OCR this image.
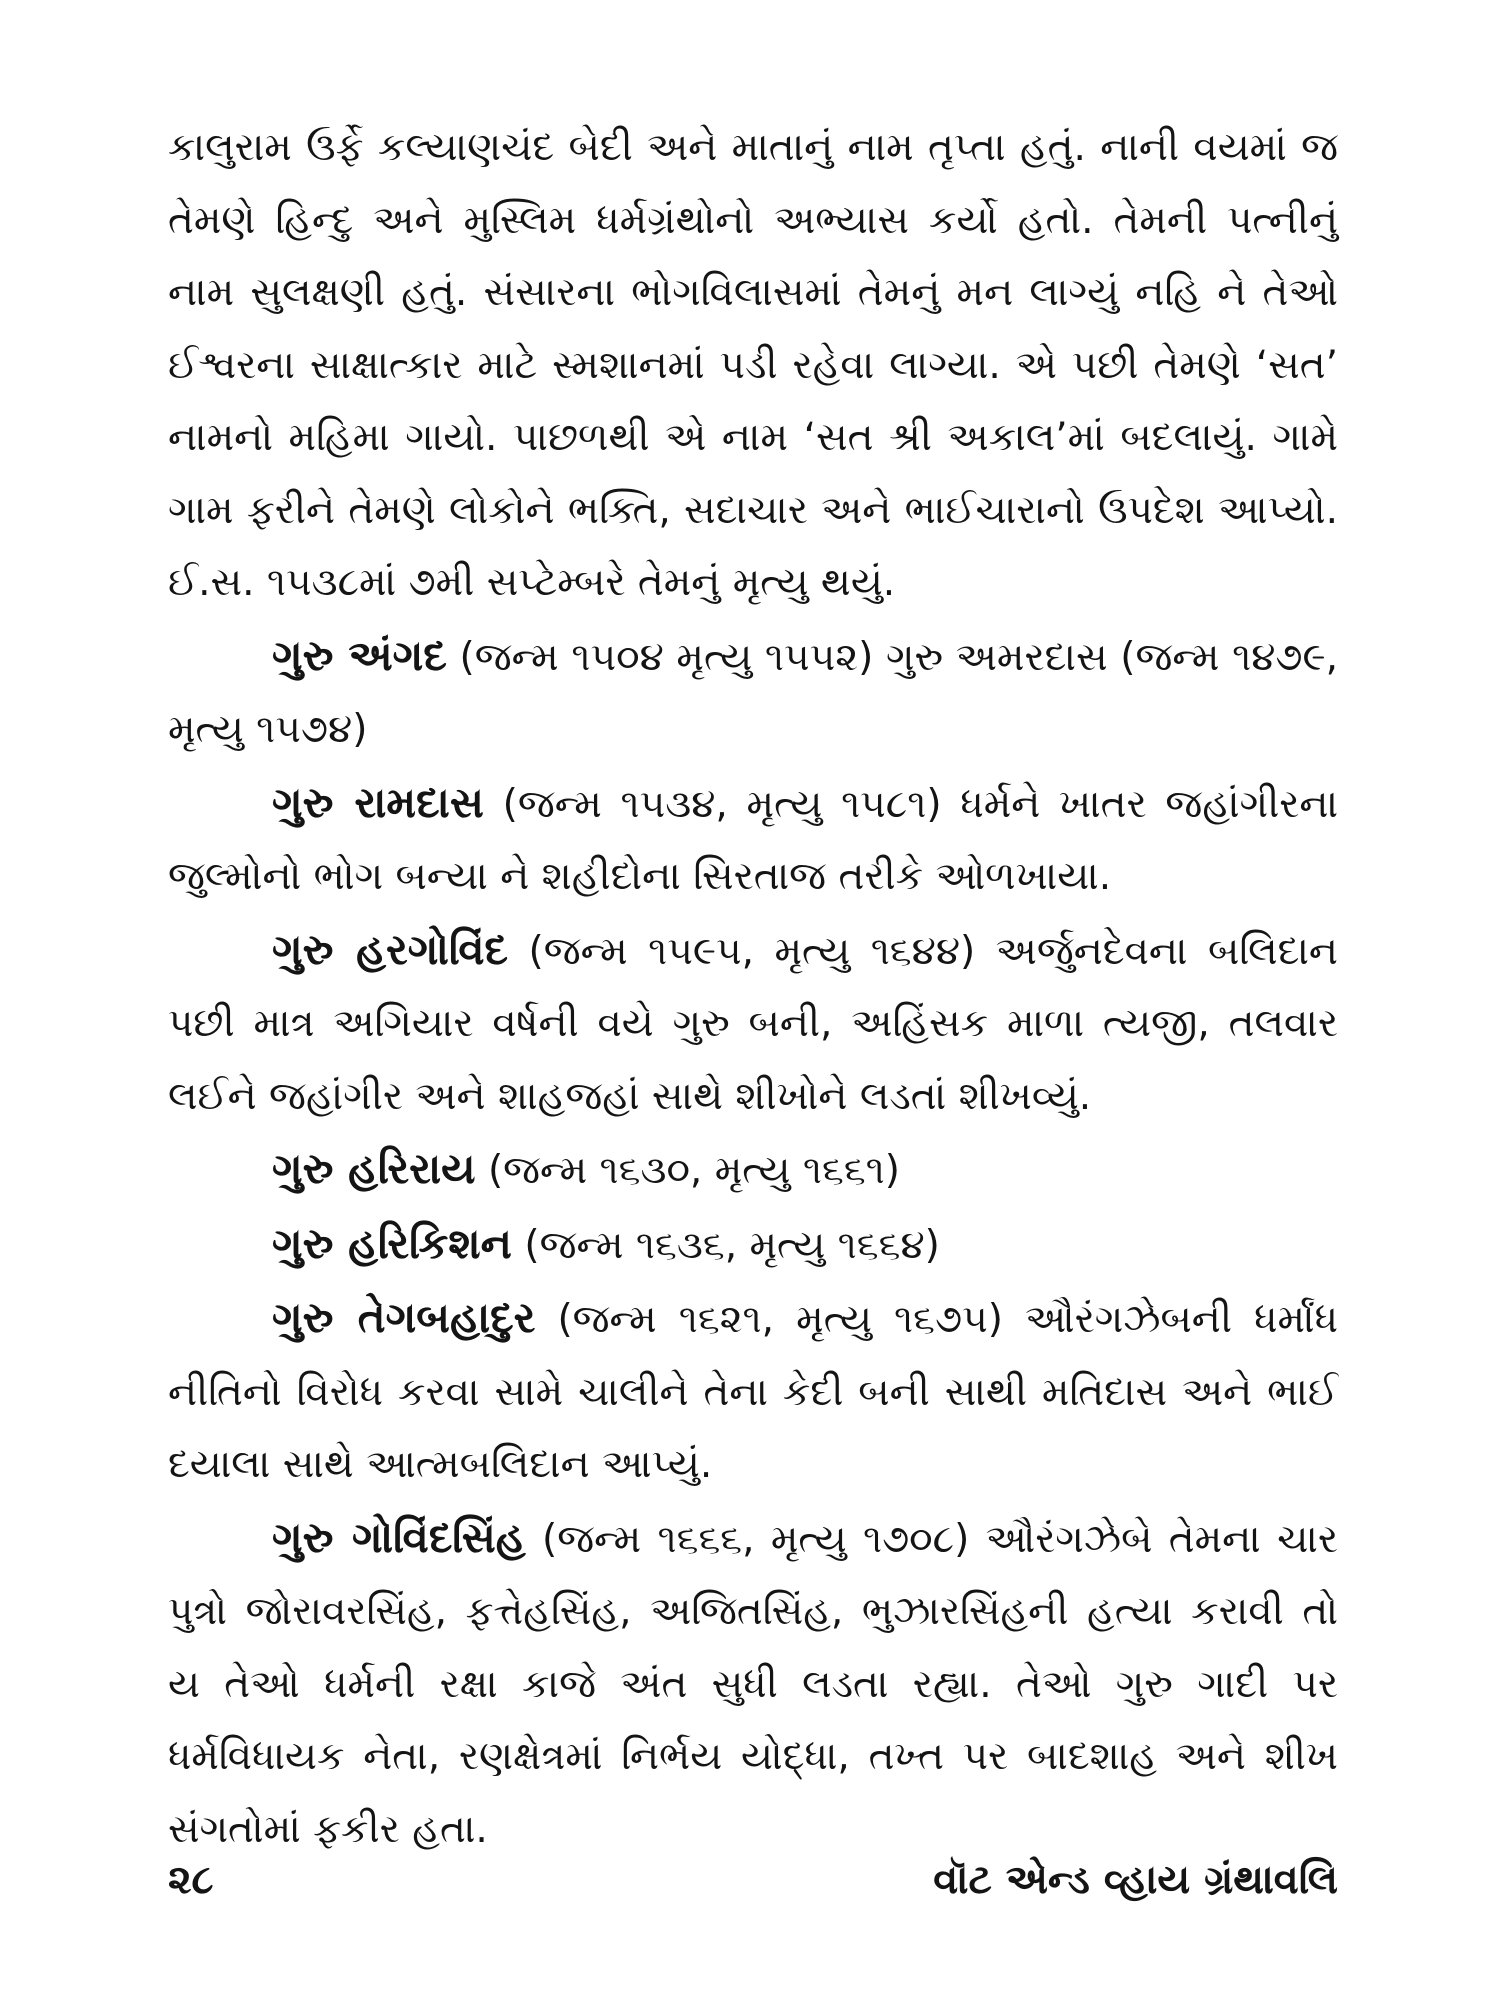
કાલુરામ ઉર્ફે કલ્યાણચંદ બેદી અને માતાનું નામ તૃપ્તા હતું. નાની વયમાં જ તેમણે હિન્દુ અને મુસ્લિમ ધર્મગ્રંથોનો અભ્યાસ કર્યો હતો. તેમની પત્નીનું નામ સુલક્ષણી હતું. સંસારના ભોગવિલાસમાં તેમનું મન લાગ્યું નહિ ને તેઓ ઈશ્વરના સાક્ષાત્કાર માટે સ્મશાનમાં પડી રહેવા લાગ્યા. એ પછી તેમણે ‘સત’ નામનો મહિમા ગાયો. પાછળથી એ નામ ‘સત શ્રી અકાલ’માં બદલાયું. ગામે ગામ ફરીને તેમણે લોકોને ભક્તિ, સદાચાર અને ભાઈચારાનો ઉપદેશ આપ્યો. ઈ.સ. ૧૫૩૮માં ૭મી સપ્ટેમ્બરે તેમનું મૃત્યુ થયું.

ગુરુ અંગદ (જન્મ ૧૫૦૪ મૃત્યુ ૧૫૫૨) ગુરુ અમરદાસ (જન્મ ૧૪૭૯, મૃત્યુ ૧૫૭૪)

ગુરુ રામદાસ (જન્મ ૧૫૩૪, મૃત્યુ ૧૫૮૧) ધર્મને ખાતર જહાંગીરના જુલ્મોનો ભોગ બન્યા ને શહીદોના સિરતાજ તરીકે ઓળખાયા.

ગુરુ હરગોવિંદ (જન્મ ૧૫૯૫, મૃત્યુ ૧૬૪૪) અર્જુનદેવના બલિદાન પછી માત્ર અગિયાર વર્ષની વયે ગુરુ બની, અહિંસક માળા ત્યજી, તલવાર લઈને જહાંગીર અને શાહજહાં સાથે શીખોને લડતાં શીખવ્યું.

ગુરુ હરિરાય (જન્મ ૧૬૩૦, મૃત્યુ ૧૬૬૧)

ગુરુ હરિકિશન (જન્મ ૧૬૩૬, મૃત્યુ ૧૬૬૪)

ગુરુ તેગબહાદુર (જન્મ ૧૬૨૧, મૃત્યુ ૧૬૭૫) ઔરંગઝેબની ધર્માંધ નીતિનો વિરોધ કરવા સામે ચાલીને તેના કેદી બની સાથી મતિદાસ અને ભાઈ દયાલા સાથે આત્મબલિદાન આપ્યું.

ગુરુ ગોવિંદસિંહ (જન્મ ૧૬૬૬, મૃત્યુ ૧૭૦૮) ઔરંગઝેબે તેમના ચાર પુત્રો જોરાવરસિંહ, ફત્તેહસિંહ, અજિતસિંહ, ભુઝારસિંહની હત્યા કરાવી તો ય તેઓ ધર્મની રક્ષા કાજે અંત સુધી લડતા રહ્યા. તેઓ ગુરુ ગાદી પર ધર્મવિધાયક નેતા, રણક્ષેત્રમાં નિર્ભય યોદ્ધા, તખ્ત પર બાદશાહ અને શીખ સંગતોમાં ફકીર હતા.

૨૮	વૉટ એન્ડ વ્હાય ગ્રંથાવલિ
